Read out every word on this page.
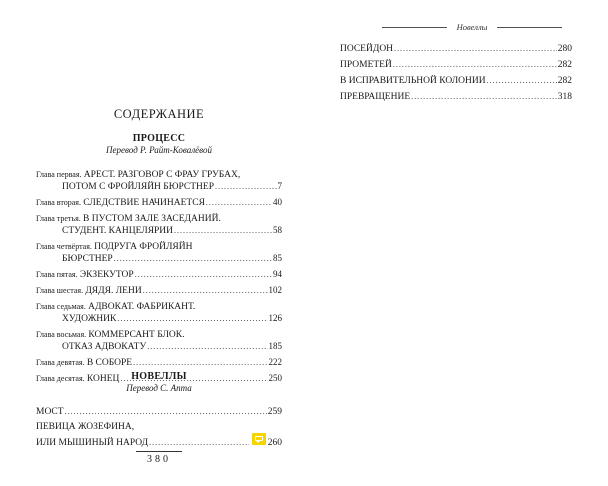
СОДЕРЖАНИЕ
ПРОЦЕСС
Перевод Р. Райт-Ковалёвой
Глава первая.
АРЕСТ. РАЗГОВОР С ФРАУ ГРУБАХ,
ПОТОМ С ФРОЙЛЯЙН БЮРСТНЕР . . .	7
Глава вторая.
СЛЕДСТВИЕ НАЧИНАЕТСЯ . . .	40
Глава третья.
В ПУСТОМ ЗАЛЕ ЗАСЕДАНИЙ.
СТУДЕНТ. КАНЦЕЛЯРИИ . . .	58
Глава четвёртая.
ПОДРУГА ФРОЙЛЯЙН
БЮРСТНЕР . . .	85
Глава пятая.
ЭКЗЕКУТОР . . .	94
Глава шестая.
ДЯДЯ. ЛЕНИ . . .	102
Глава седьмая.
АДВОКАТ. ФАБРИКАНТ.
ХУДОЖНИК . . .	126
Глава восьмая.
КОММЕРСАНТ БЛОК.
ОТКАЗ АДВОКАТУ . . .	185
Глава девятая.
В СОБОРЕ . . .	222
Глава десятая.
КОНЕЦ . . .	250
НОВЕЛЛЫ
Перевод С. Апта
МОСТ . . .	259
ПЕВИЦА ЖОЗЕФИНА,
ИЛИ МЫШИНЫЙ НАРОД . . .	260
380
Новеллы
ПОСЕЙДОН . . .	280
ПРОМЕТЕЙ . . .	282
В ИСПРАВИТЕЛЬНОЙ КОЛОНИИ . . .	282
ПРЕВРАЩЕНИЕ . . .	318
